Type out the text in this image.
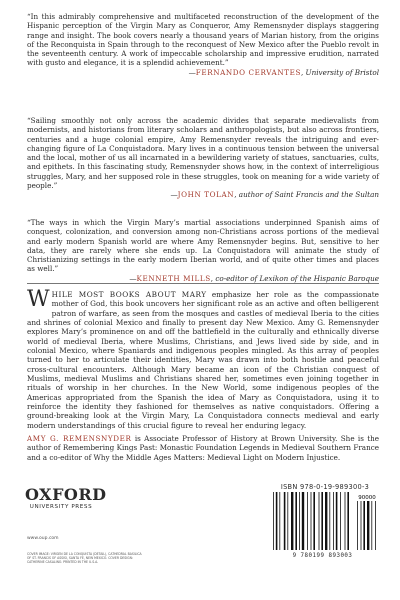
“In this admirably comprehensive and multifaceted reconstruction of the development of the Hispanic perception of the Virgin Mary as Conqueror, Amy Remensnyder displays staggering range and insight. The book covers nearly a thousand years of Marian history, from the origins of the Reconquista in Spain through to the reconquest of New Mexico after the Pueblo revolt in the seventeenth century. A work of impeccable scholarship and impressive erudition, narrated with gusto and elegance, it is a splendid achievement.”

—FERNANDO CERVANTES, University of Bristol

“Sailing smoothly not only across the academic divides that separate medievalists from modernists, and historians from literary scholars and anthropologists, but also across frontiers, centuries and a huge colonial empire, Amy Remensnyder reveals the intriguing and ever-changing figure of La Conquistadora. Mary lives in a continuous tension between the universal and the local, mother of us all incarnated in a bewildering variety of statues, sanctuaries, cults, and epithets. In this fascinating study, Remensnyder shows how, in the context of interreligious struggles, Mary, and her supposed role in these struggles, took on meaning for a wide variety of people.”

—JOHN TOLAN, author of Saint Francis and the Sultan

“The ways in which the Virgin Mary’s martial associations underpinned Spanish aims of conquest, colonization, and conversion among non-Christians across portions of the medieval and early modern Spanish world are where Amy Remensnyder begins. But, sensitive to her data, they are rarely where she ends up. La Conquistadora will animate the study of Christianizing settings in the early modern Iberian world, and of quite other times and places as well.”

—KENNETH MILLS, co-editor of Lexikon of the Hispanic Baroque

WHILE MOST BOOKS ABOUT MARY emphasize her role as the compassionate mother of God, this book uncovers her significant role as an active and often belligerent patron of warfare, as seen from the mosques and castles of medieval Iberia to the cities and shrines of colonial Mexico and finally to present day New Mexico. Amy G. Remensnyder explores Mary’s prominence on and off the battlefield in the culturally and ethnically diverse world of medieval Iberia, where Muslims, Christians, and Jews lived side by side, and in colonial Mexico, where Spaniards and indigenous peoples mingled. As this array of peoples turned to her to articulate their identities, Mary was drawn into both hostile and peaceful cross-cultural encounters. Although Mary became an icon of the Christian conquest of Muslims, medieval Muslims and Christians shared her, sometimes even joining together in rituals of worship in her churches. In the New World, some indigenous peoples of the Americas appropriated from the Spanish the idea of Mary as Conquistadora, using it to reinforce the identity they fashioned for themselves as native conquistadors. Offering a ground-breaking look at the Virgin Mary, La Conquistadora connects medieval and early modern understandings of this crucial figure to reveal her enduring legacy.

AMY G. REMENSNYDER is Associate Professor of History at Brown University. She is the author of Remembering Kings Past: Monastic Foundation Legends in Medieval Southern France and a co-editor of Why the Middle Ages Matters: Medieval Light on Modern Injustice.

OXFORD
UNIVERSITY PRESS
www.oup.com
COVER IMAGE: VIRGEN DE LA CONQUISTA (DETAIL), CATHEDRAL BASILICA OF ST. FRANCIS OF ASSISI, SANTA FE, NEW MEXICO. COVER DESIGN: CATHERINE CASALINO. PRINTED IN THE U.S.A.
ISBN 978-0-19-989300-3
90000
9 780199 893003
